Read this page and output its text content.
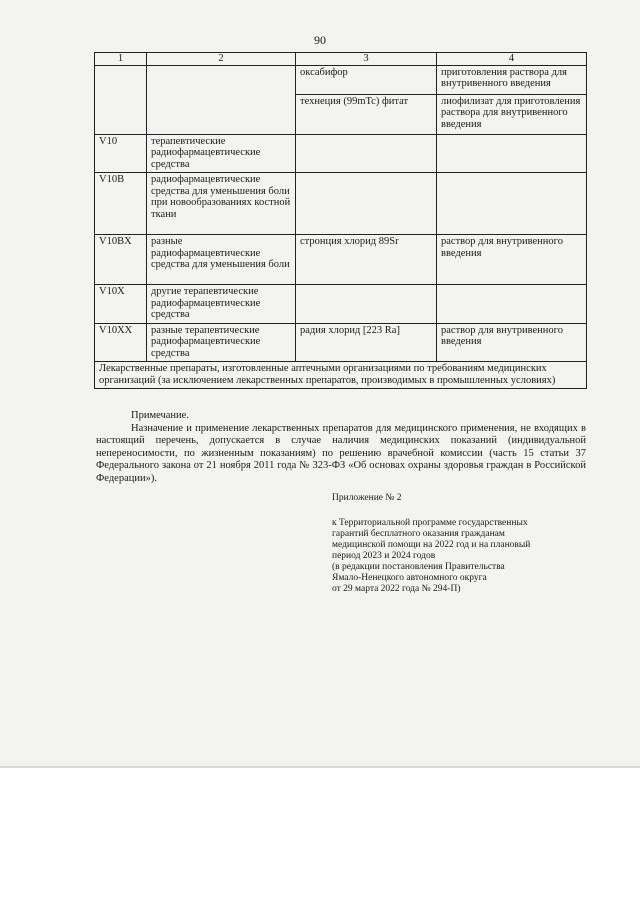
90
1	2	3	4
		оксабифор	приготовления раствора для внутривенного введения
		технеция (99mTc) фитат	лиофилизат для приготовления раствора для внутривенного введения
V10	терапевтические радиофармацевтические средства		
V10B	радиофармацевтические средства для уменьшения боли при новообразованиях костной ткани		
V10BX	разные радиофармацевтические средства для уменьшения боли	стронция хлорид 89Sr	раствор для внутривенного введения
V10X	другие терапевтические радиофармацевтические средства		
V10XX	разные терапевтические радиофармацевтические средства	радия хлорид [223 Ra]	раствор для внутривенного введения
Лекарственные препараты, изготовленные аптечными организациями по требованиям медицинских организаций (за исключением лекарственных препаратов, производимых в промышленных условиях)			
Примечание.

Назначение и применение лекарственных препаратов для медицинского применения, не входящих в настоящий перечень, допускается в случае наличия медицинских показаний (индивидуальной непереносимости, по жизненным показаниям) по решению врачебной комиссии (часть 15 статьи 37 Федерального закона от 21 ноября 2011 года № 323-ФЗ «Об основах охраны здоровья граждан в Российской Федерации»).

Приложение № 2
к Территориальной программе государственных
гарантий бесплатного оказания гражданам
медицинской помощи на 2022 год и на плановый
период 2023 и 2024 годов
(в редакции постановления Правительства
Ямало-Ненецкого автономного округа
от 29 марта 2022 года № 294-П)
